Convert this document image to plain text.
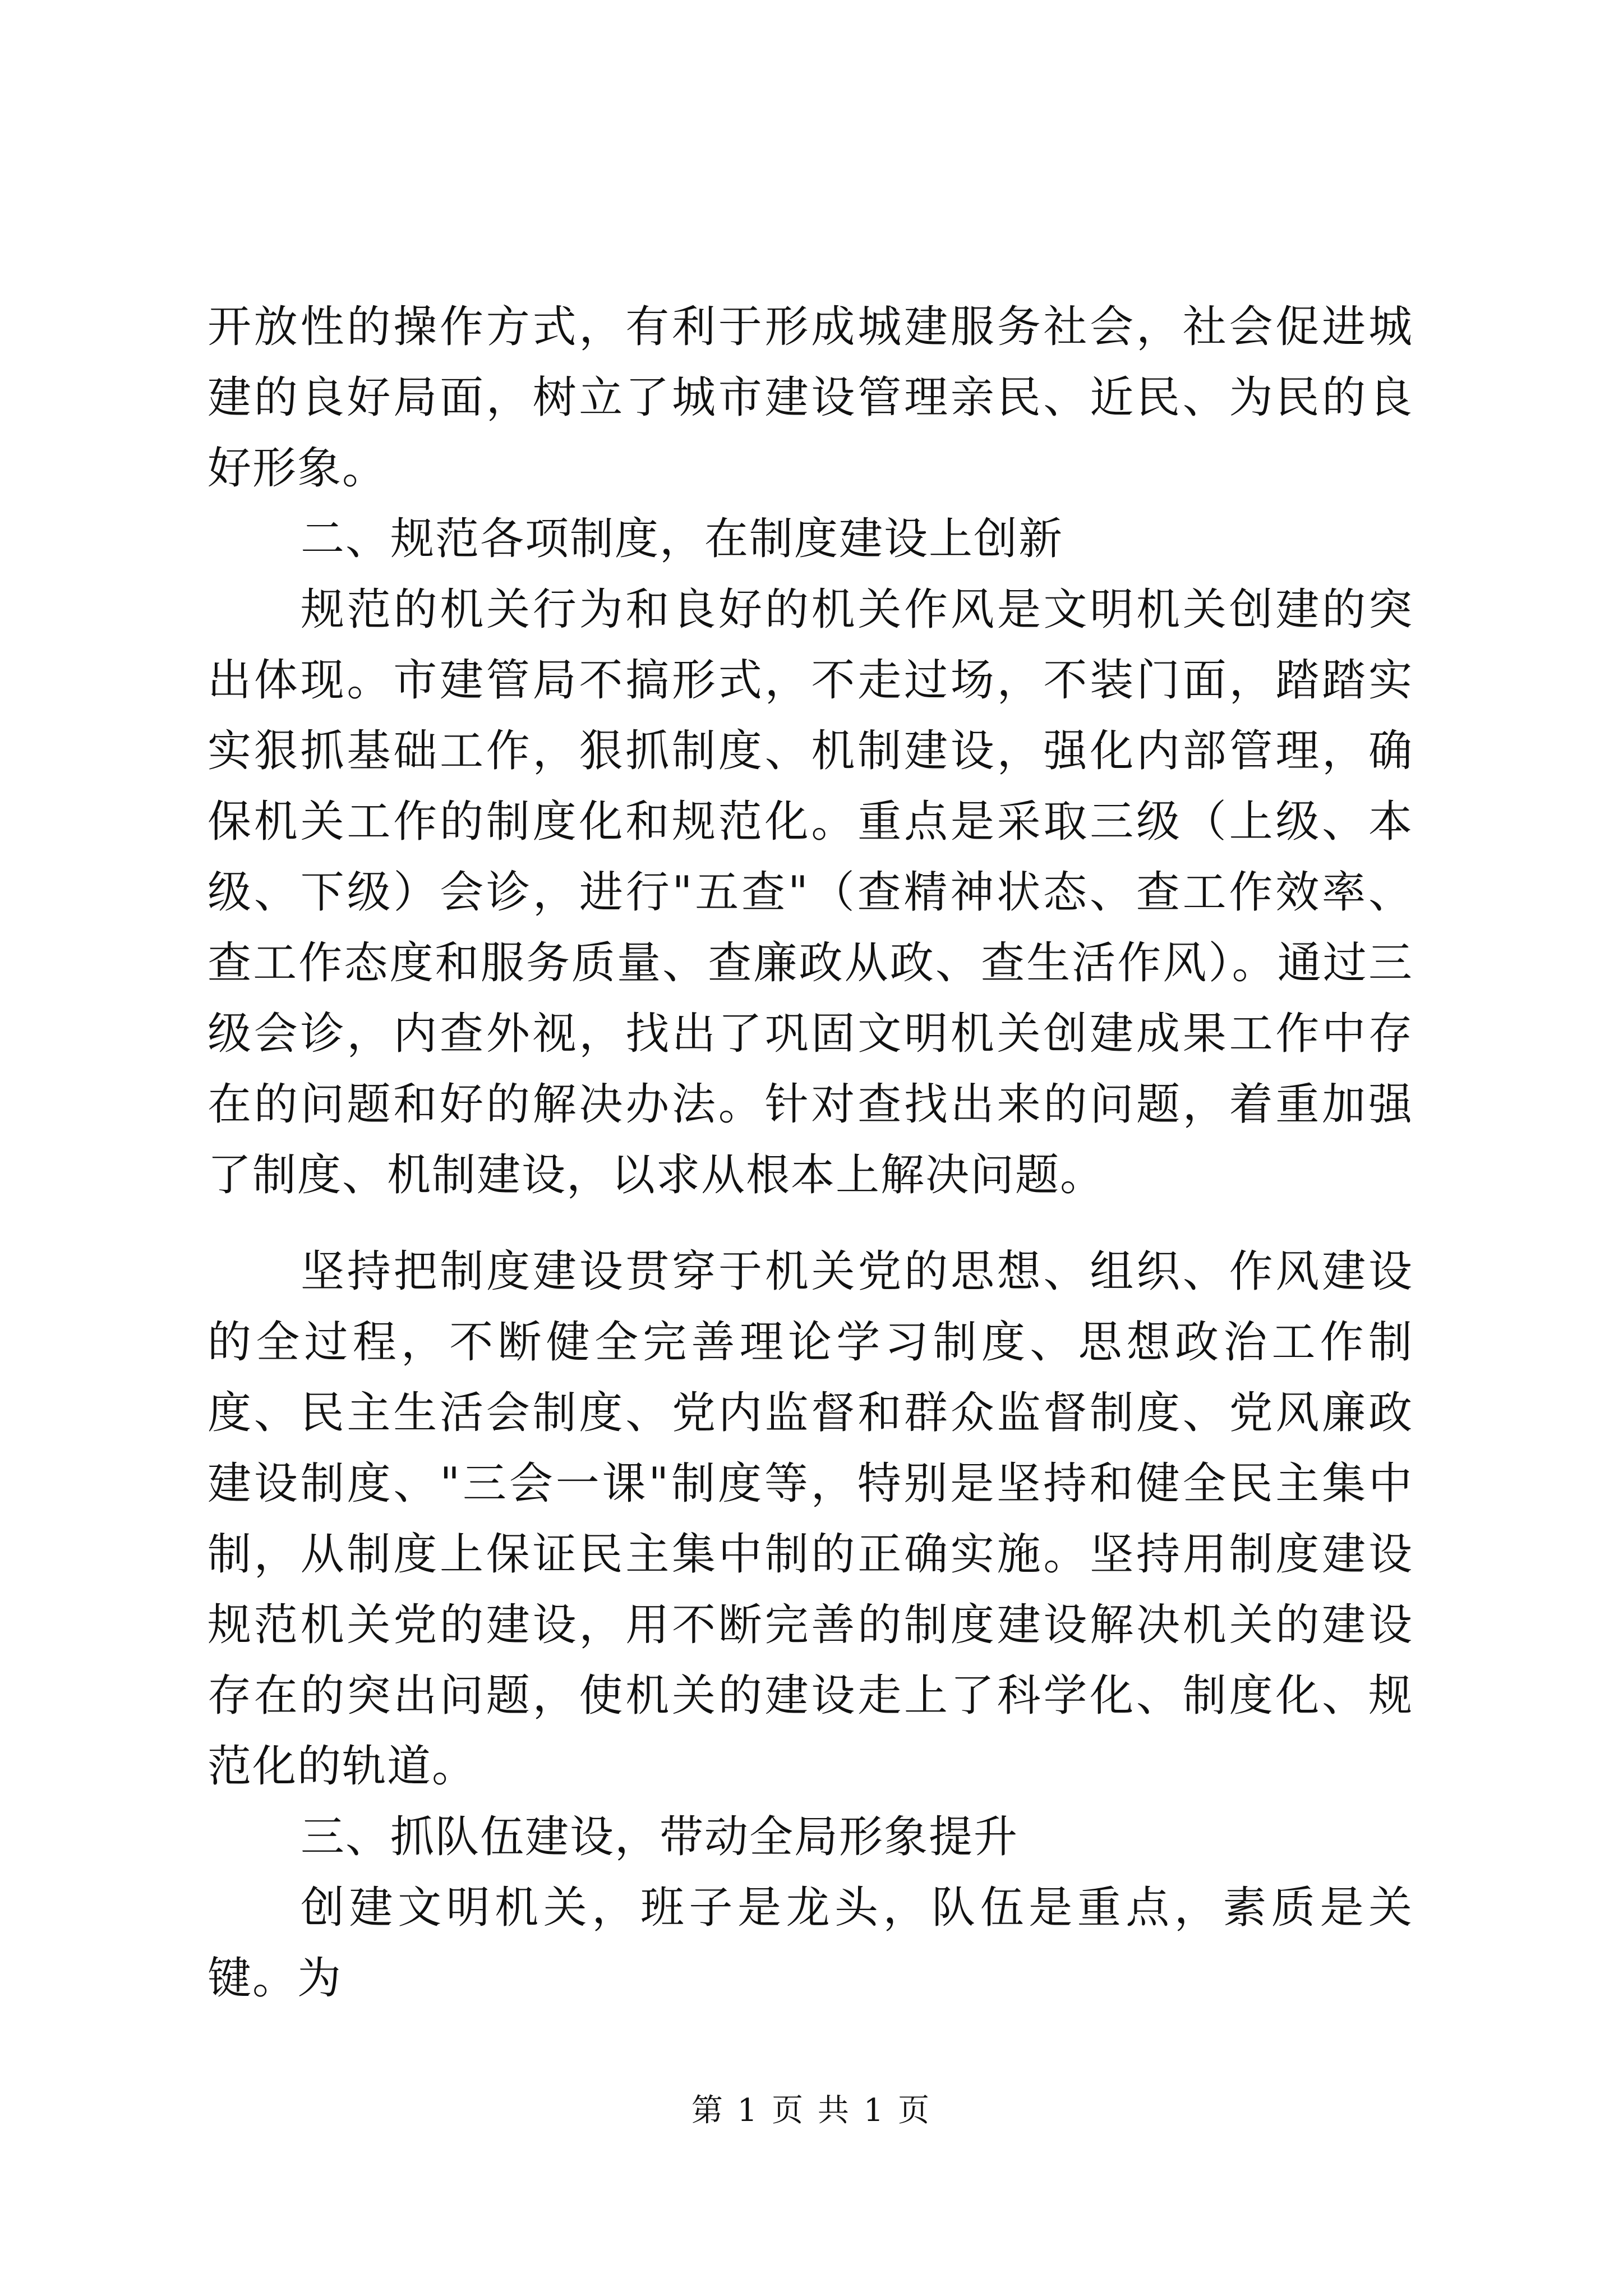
开放性的操作方式，有利于形成城建服务社会，社会促进城建的良好局面，树立了城市建设管理亲民、近民、为民的良好形象。

二、规范各项制度，在制度建设上创新

规范的机关行为和良好的机关作风是文明机关创建的突出体现。市建管局不搞形式，不走过场，不装门面，踏踏实实狠抓基础工作，狠抓制度、机制建设，强化内部管理，确保机关工作的制度化和规范化。重点是采取三级（上级、本级、下级）会诊，进行"五查"（查精神状态、查工作效率、查工作态度和服务质量、查廉政从政、查生活作风）。通过三级会诊，内查外视，找出了巩固文明机关创建成果工作中存在的问题和好的解决办法。针对查找出来的问题，着重加强了制度、机制建设，以求从根本上解决问题。

坚持把制度建设贯穿于机关党的思想、组织、作风建设的全过程，不断健全完善理论学习制度、思想政治工作制度、民主生活会制度、党内监督和群众监督制度、党风廉政建设制度、"三会一课"制度等，特别是坚持和健全民主集中制，从制度上保证民主集中制的正确实施。坚持用制度建设规范机关党的建设，用不断完善的制度建设解决机关的建设存在的突出问题，使机关的建设走上了科学化、制度化、规范化的轨道。

三、抓队伍建设，带动全局形象提升

创建文明机关，班子是龙头，队伍是重点，素质是关键。为

第 1 页 共 1 页
